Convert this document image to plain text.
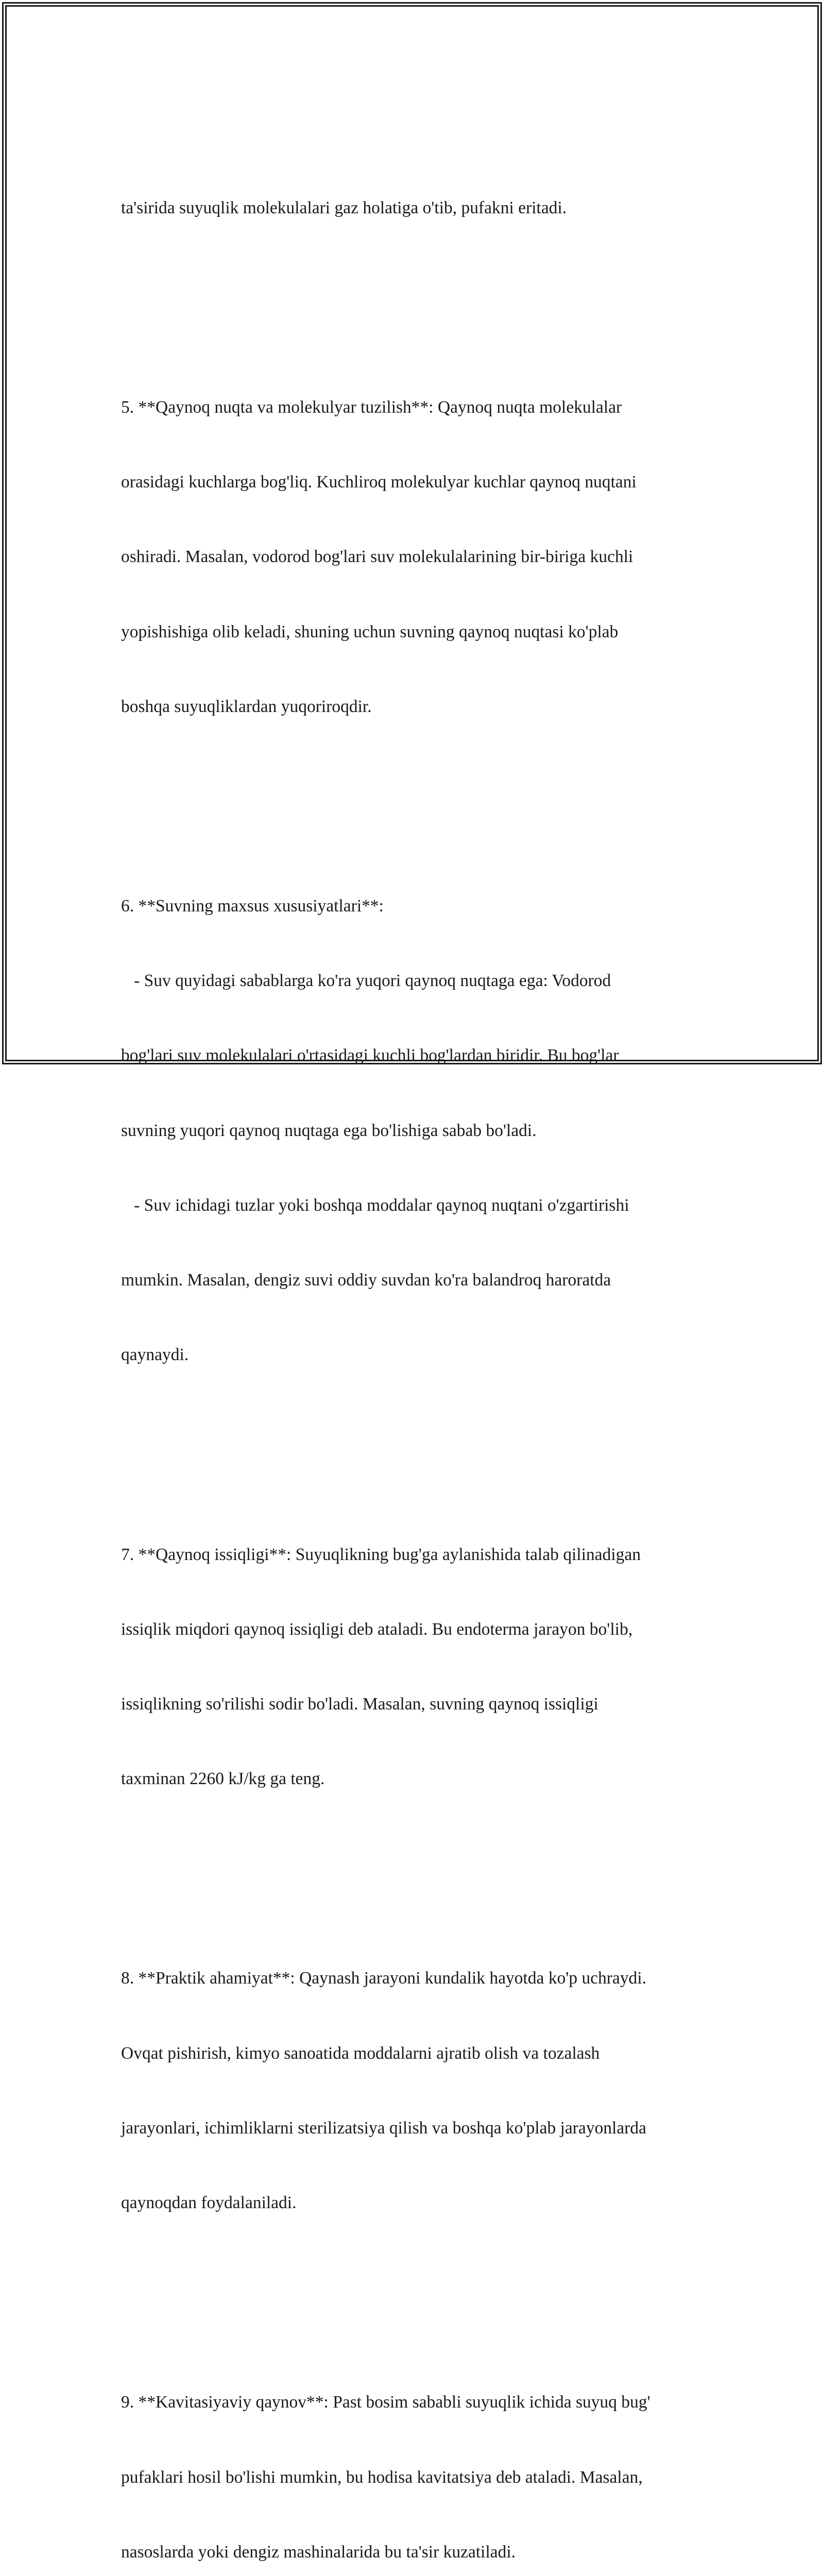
ta'sirida suyuqlik molekulalari gaz holatiga o'tib, pufakni eritadi.

5. **Qaynoq nuqta va molekulyar tuzilish**: Qaynoq nuqta molekulalar

orasidagi kuchlarga bog'liq. Kuchliroq molekulyar kuchlar qaynoq nuqtani

oshiradi. Masalan, vodorod bog'lari suv molekulalarining bir-biriga kuchli

yopishishiga olib keladi, shuning uchun suvning qaynoq nuqtasi ko'plab

boshqa suyuqliklardan yuqoriroqdir.

6. **Suvning maxsus xususiyatlari**:

- Suv quyidagi sabablarga ko'ra yuqori qaynoq nuqtaga ega: Vodorod

bog'lari suv molekulalari o'rtasidagi kuchli bog'lardan biridir. Bu bog'lar

suvning yuqori qaynoq nuqtaga ega bo'lishiga sabab bo'ladi.

- Suv ichidagi tuzlar yoki boshqa moddalar qaynoq nuqtani o'zgartirishi

mumkin. Masalan, dengiz suvi oddiy suvdan ko'ra balandroq haroratda

qaynaydi.

7. **Qaynoq issiqligi**: Suyuqlikning bug'ga aylanishida talab qilinadigan

issiqlik miqdori qaynoq issiqligi deb ataladi. Bu endoterma jarayon bo'lib,

issiqlikning so'rilishi sodir bo'ladi. Masalan, suvning qaynoq issiqligi

taxminan 2260 kJ/kg ga teng.

8. **Praktik ahamiyat**: Qaynash jarayoni kundalik hayotda ko'p uchraydi.

Ovqat pishirish, kimyo sanoatida moddalarni ajratib olish va tozalash

jarayonlari, ichimliklarni sterilizatsiya qilish va boshqa ko'plab jarayonlarda

qaynoqdan foydalaniladi.

9. **Kavitasiyaviy qaynov**: Past bosim sababli suyuqlik ichida suyuq bug'

pufaklari hosil bo'lishi mumkin, bu hodisa kavitatsiya deb ataladi. Masalan,

nasoslarda yoki dengiz mashinalarida bu ta'sir kuzatiladi.
